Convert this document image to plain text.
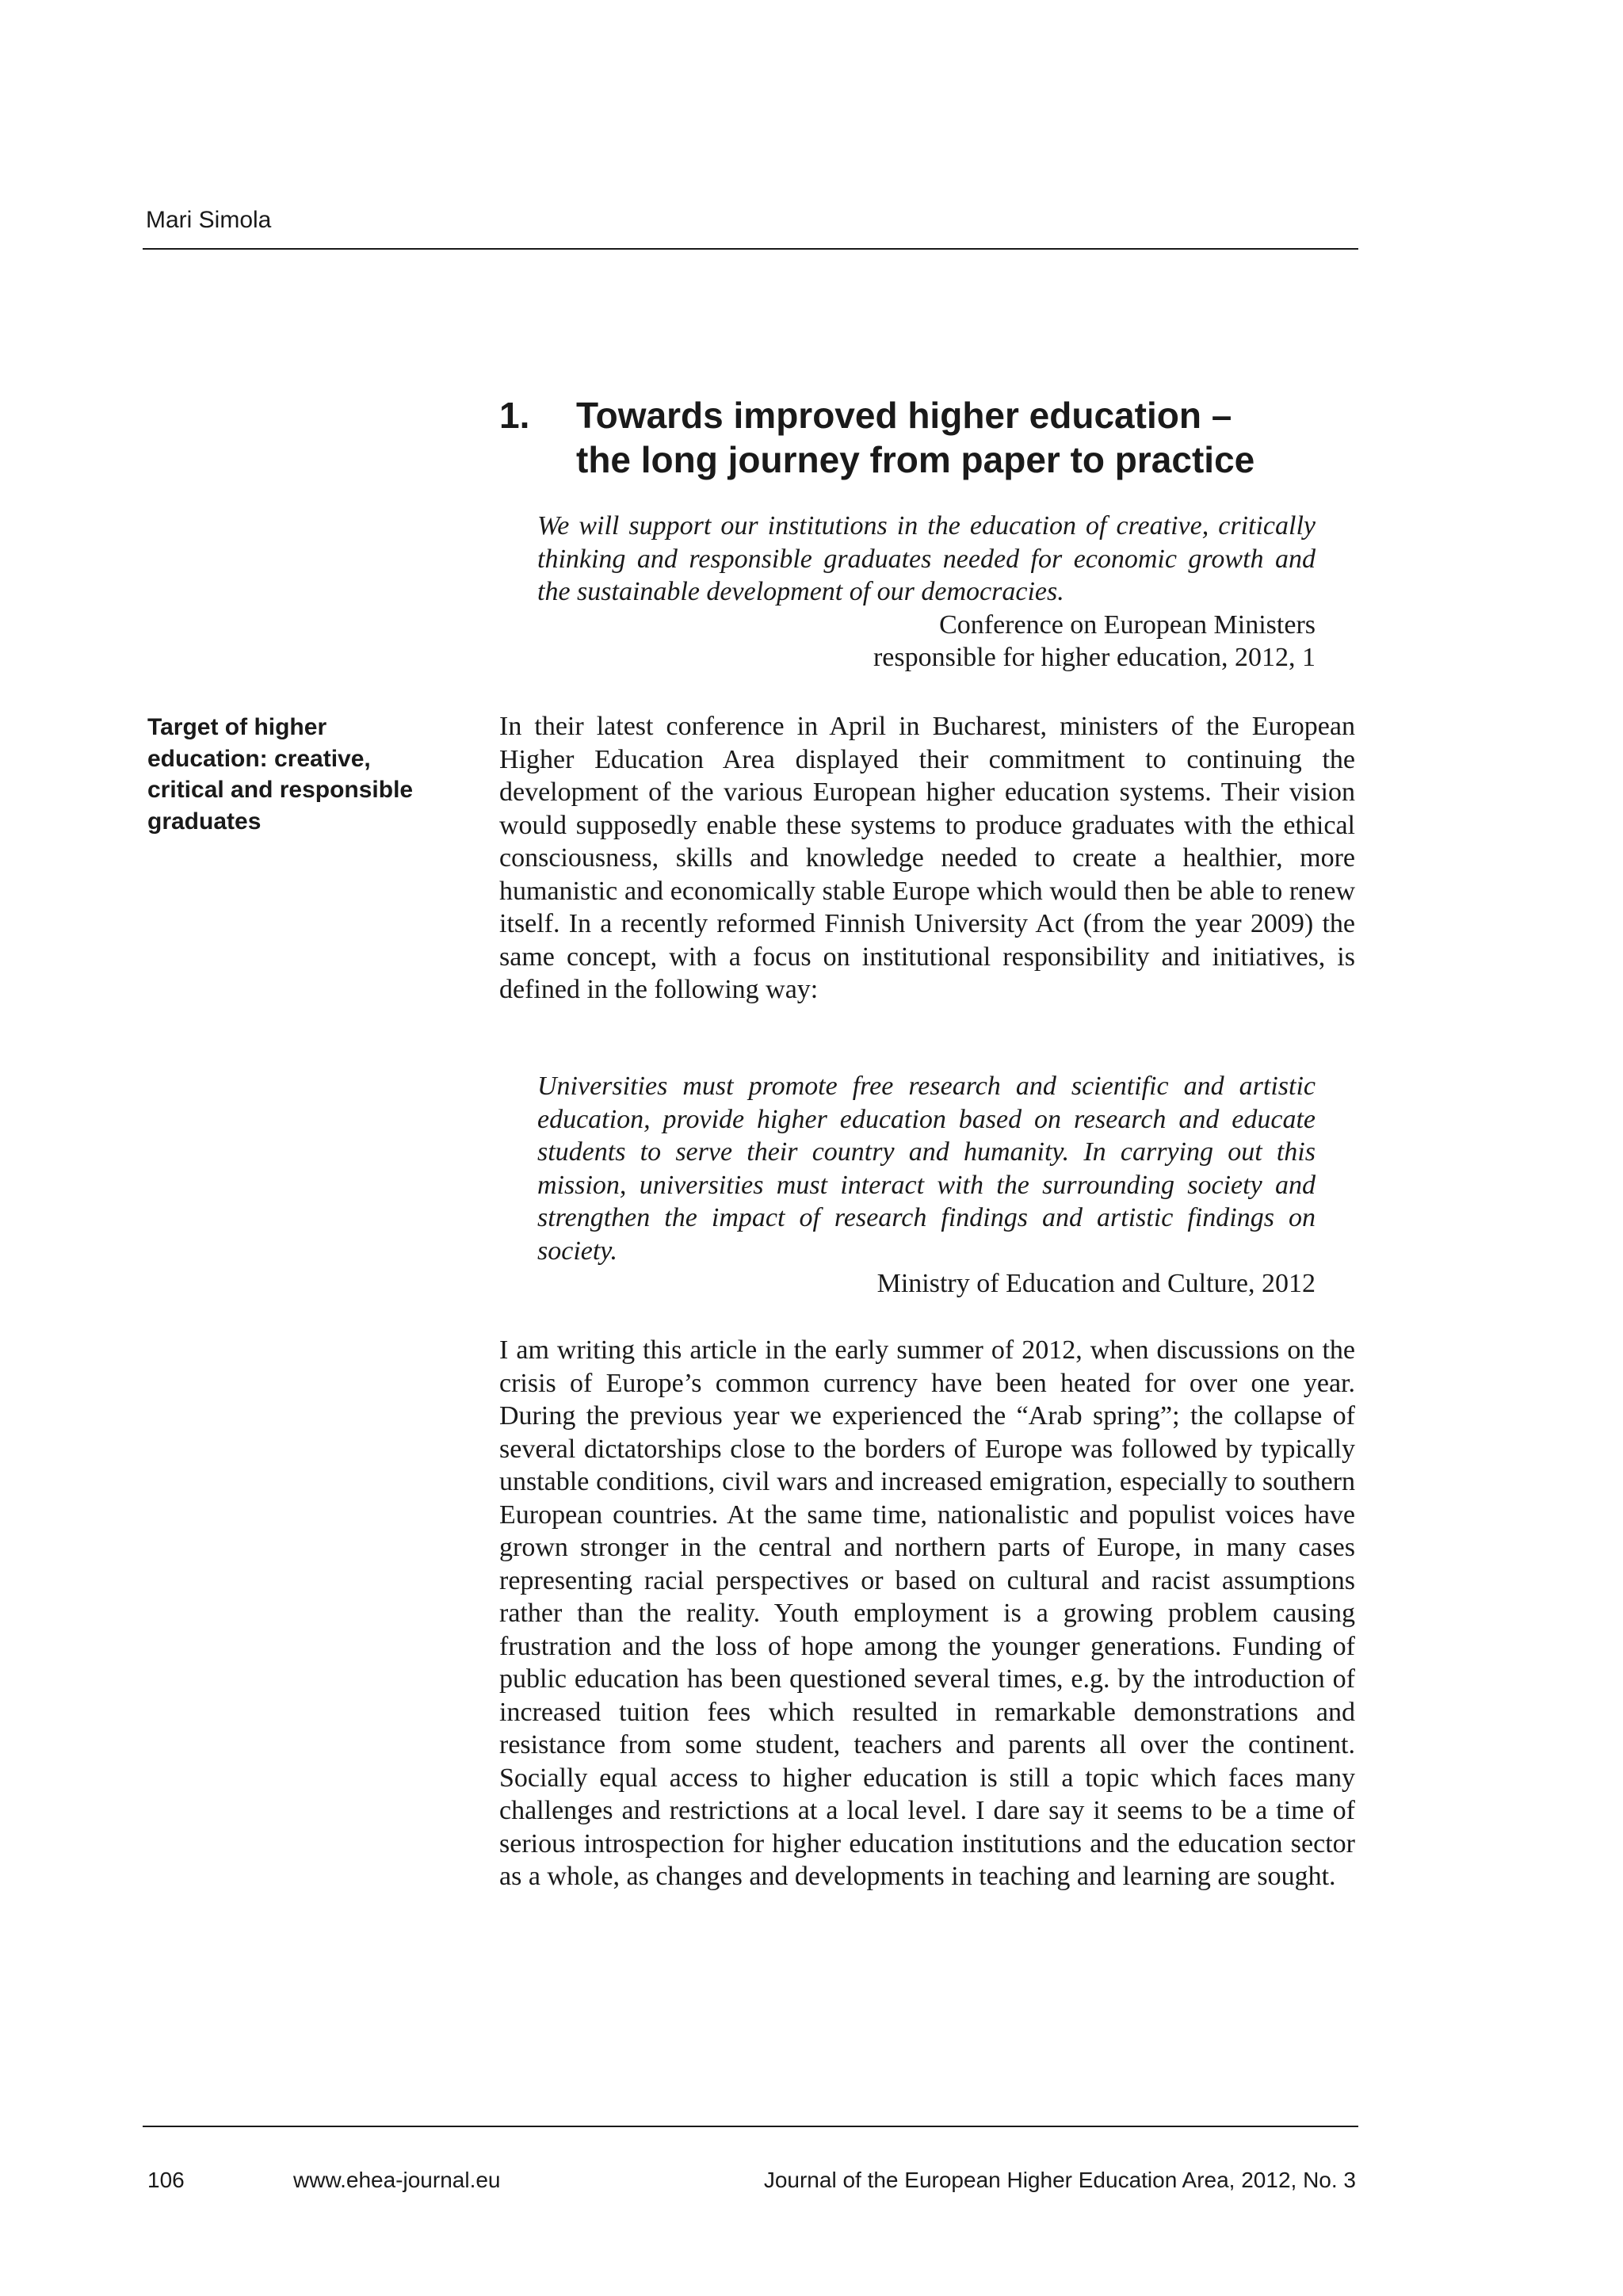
Mari Simola
1. Towards improved higher education –
the long journey from paper to practice
We will support our institutions in the education of creative, critically thinking and responsible graduates needed for economic growth and the sustainable development of our democracies.
Conference on European Ministers
responsible for higher education, 2012, 1
Target of higher education: creative, critical and responsible graduates
In their latest conference in April in Bucharest, ministers of the European Higher Education Area displayed their commitment to continuing the development of the various European higher education systems. Their vision would supposedly enable these systems to produce graduates with the ethical consciousness, skills and knowledge needed to create a healthier, more humanistic and economically stable Europe which would then be able to renew itself. In a recently reformed Finnish University Act (from the year 2009) the same concept, with a focus on institutional responsibility and initiatives, is defined in the following way:
Universities must promote free research and scientific and artistic education, provide higher education based on research and educate students to serve their country and humanity. In carrying out this mission, universities must interact with the surrounding society and strengthen the impact of research findings and artistic findings on society.
Ministry of Education and Culture, 2012
I am writing this article in the early summer of 2012, when discussions on the crisis of Europe’s common currency have been heated for over one year. During the previous year we experienced the “Arab spring”; the collapse of several dictatorships close to the borders of Europe was followed by typically unstable conditions, civil wars and increased emigration, especially to southern European countries. At the same time, nationalistic and populist voices have grown stronger in the central and northern parts of Europe, in many cases representing racial perspectives or based on cultural and racist assumptions rather than the reality. Youth employment is a growing problem causing frustration and the loss of hope among the younger generations. Funding of public education has been questioned several times, e.g. by the introduction of increased tuition fees which resulted in remarkable demonstrations and resistance from some student, teachers and parents all over the continent. Socially equal access to higher education is still a topic which faces many challenges and restrictions at a local level. I dare say it seems to be a time of serious introspection for higher education institutions and the education sector as a whole, as changes and developments in teaching and learning are sought.
106	www.ehea-journal.eu	Journal of the European Higher Education Area, 2012, No. 3
